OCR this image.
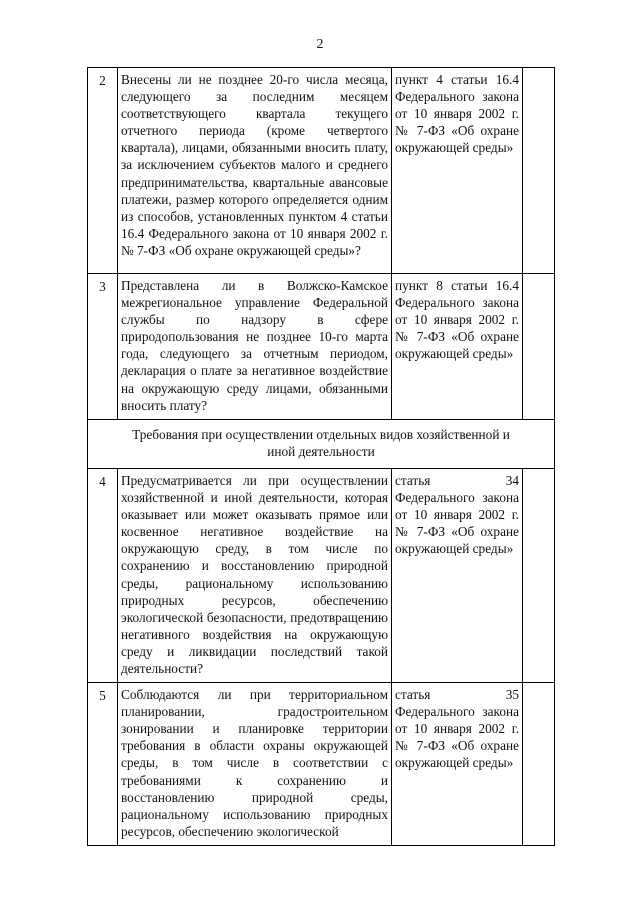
2
2	Внесены ли не позднее 20-го числа месяца, следующего за последним месяцем соответствующего квартала текущего отчетного периода (кроме четвертого квартала), лицами, обязанными вносить плату, за исключением субъектов малого и среднего предпринимательства, квартальные авансовые платежи, размер которого определяется одним из способов, установленных пунктом 4 статьи 16.4 Федерального закона от 10 января 2002 г. № 7-ФЗ «Об охране окружающей среды»?	пункт 4 статьи 16.4 Федерального закона от 10 января 2002 г. № 7-ФЗ «Об охране окружающей среды»	
3	Представлена ли в Волжско-Камское межрегиональное управление Федеральной службы по надзору в сфере природопользования не позднее 10-го марта года, следующего за отчетным периодом, декларация о плате за негативное воздействие на окружающую среду лицами, обязанными вносить плату?	пункт 8 статьи 16.4 Федерального закона от 10 января 2002 г. № 7-ФЗ «Об охране окружающей среды»	
Требования при осуществлении отдельных видов хозяйственной и иной деятельности			
4	Предусматривается ли при осуществлении хозяйственной и иной деятельности, которая оказывает или может оказывать прямое или косвенное негативное воздействие на окружающую среду, в том числе по сохранению и восстановлению природной среды, рациональному использованию природных ресурсов, обеспечению экологической безопасности, предотвращению негативного воздействия на окружающую среду и ликвидации последствий такой деятельности?	статья 34 Федерального закона от 10 января 2002 г. № 7-ФЗ «Об охране окружающей среды»	
5	Соблюдаются ли при территориальном планировании, градостроительном зонировании и планировке территории требования в области охраны окружающей среды, в том числе в соответствии с требованиями к сохранению и восстановлению природной среды, рациональному использованию природных ресурсов, обеспечению экологической	статья 35 Федерального закона от 10 января 2002 г. № 7-ФЗ «Об охране окружающей среды»	
